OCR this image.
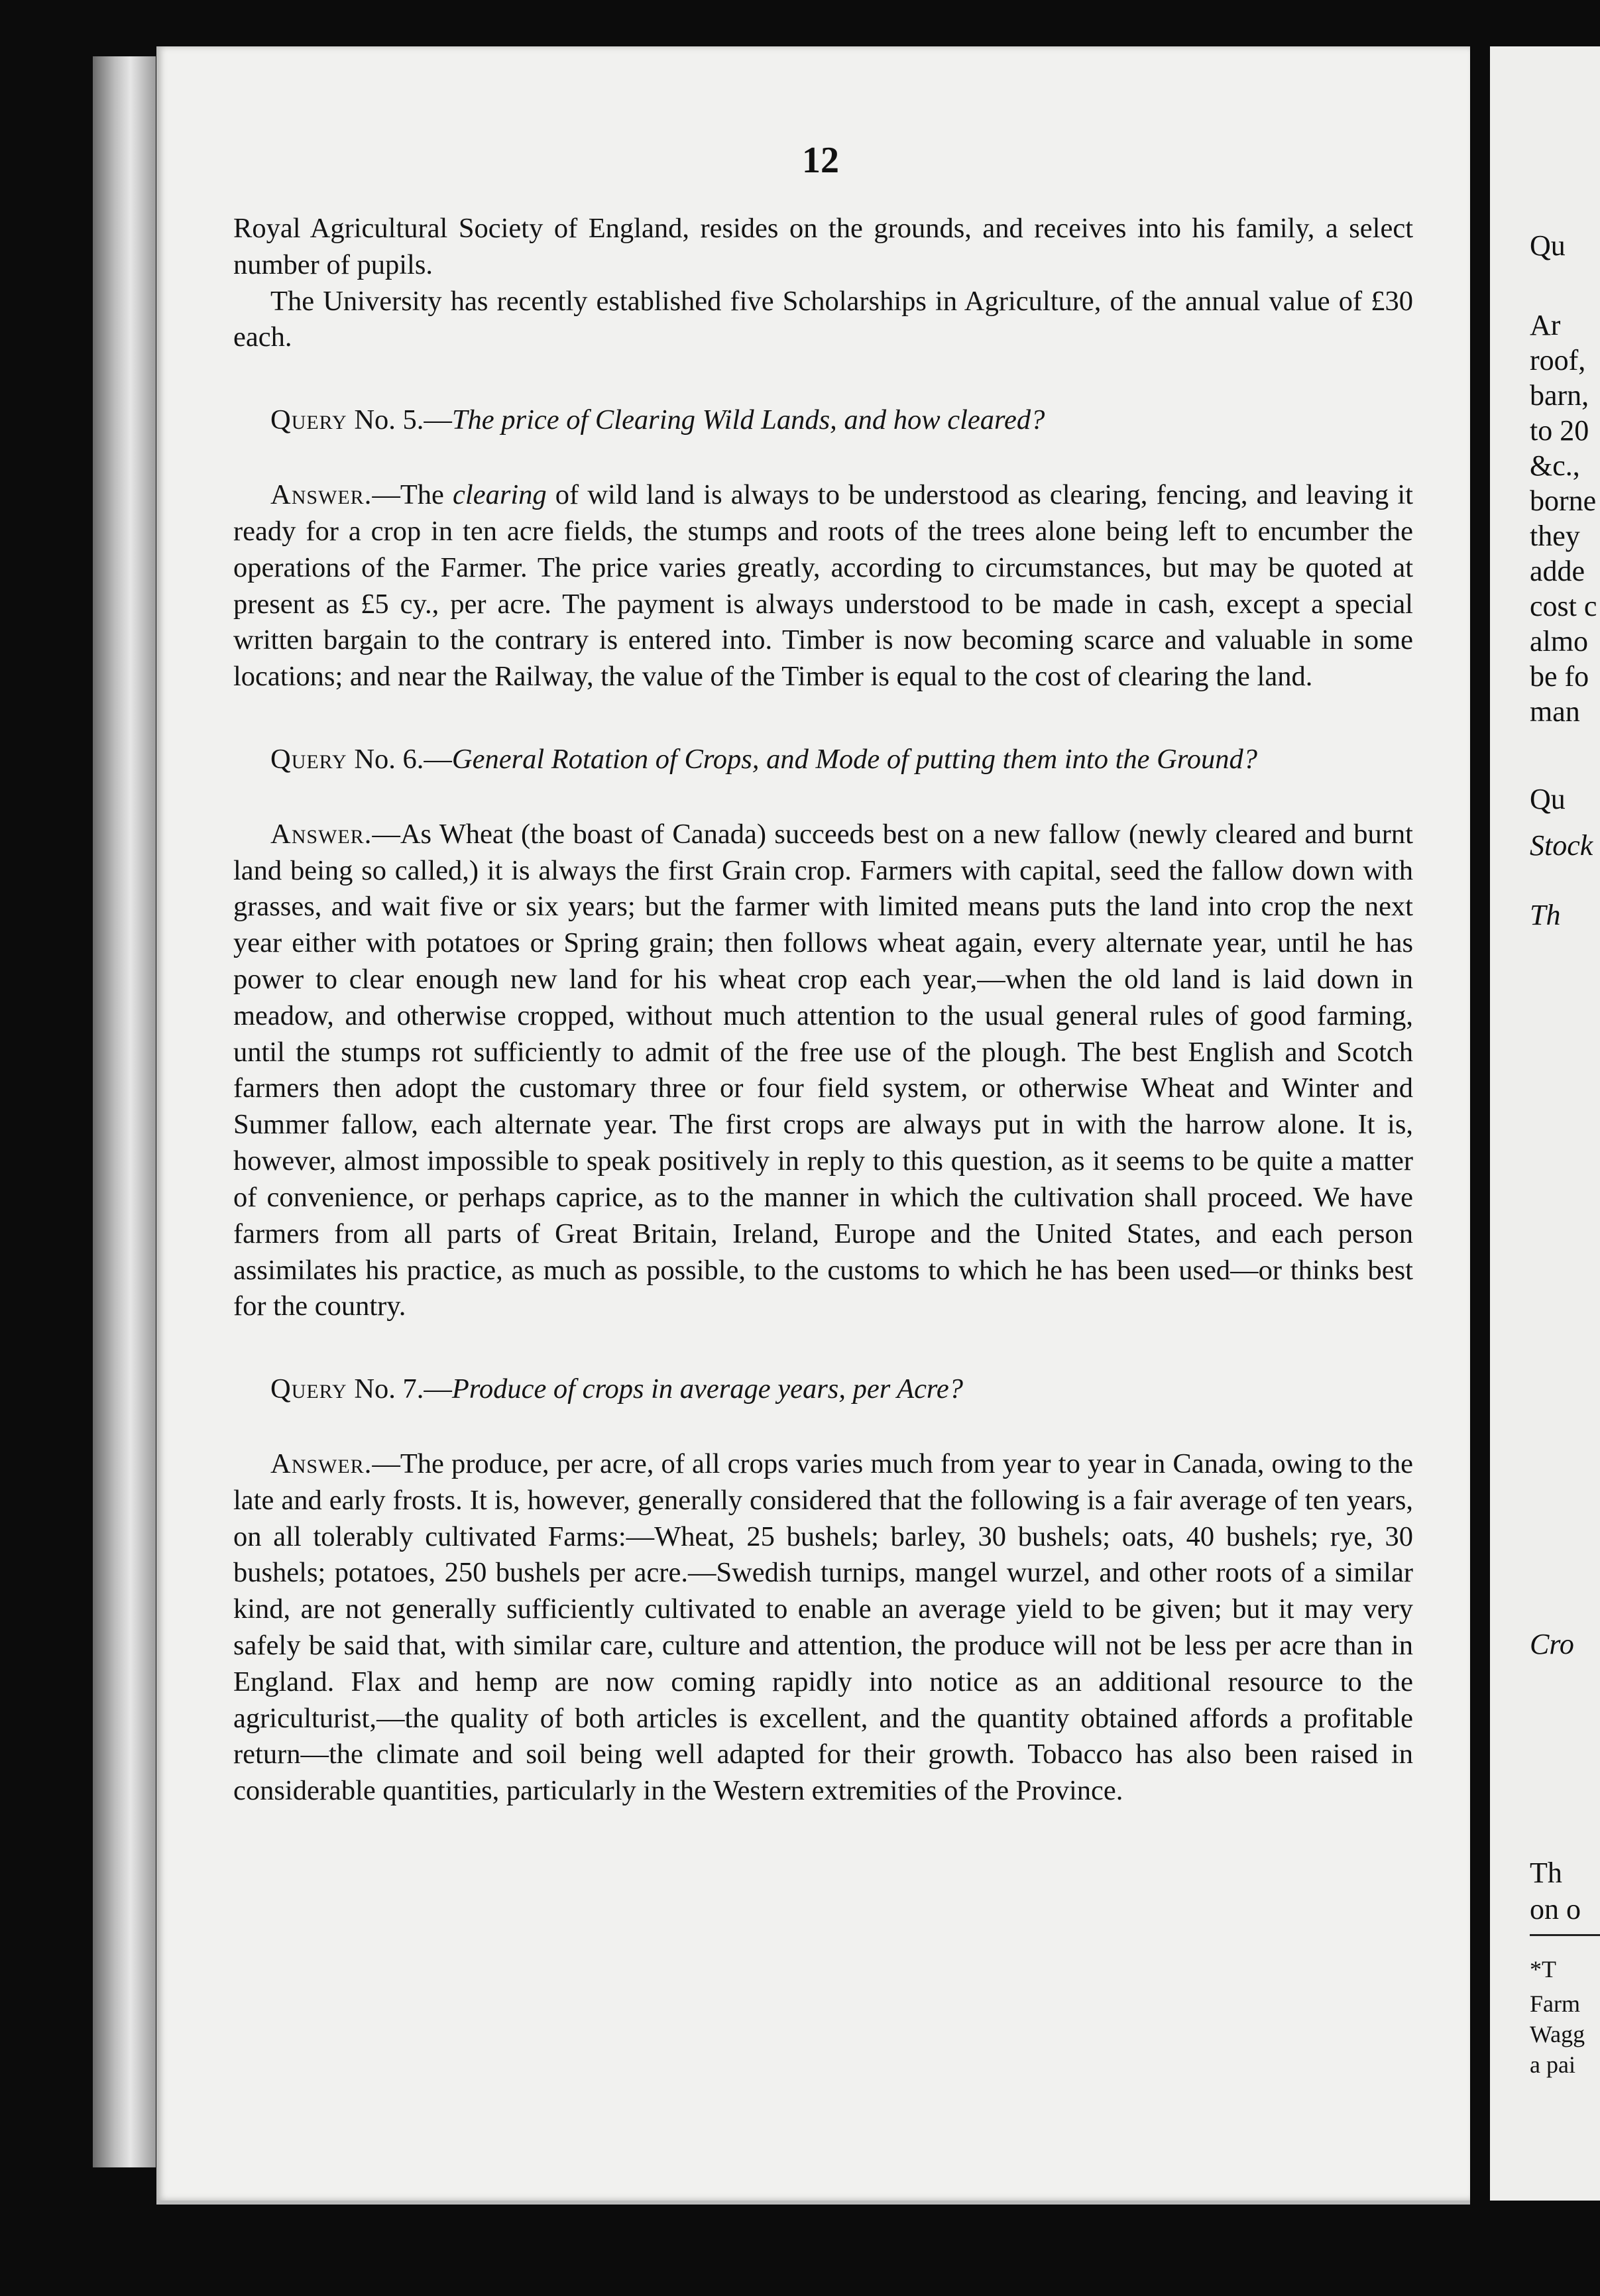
12

Royal Agricultural Society of England, resides on the grounds, and receives into his family, a select number of pupils.

The University has recently established five Scholarships in Agriculture, of the annual value of £30 each.

Query No. 5.—The price of Clearing Wild Lands, and how cleared?

Answer.—The clearing of wild land is always to be understood as clearing, fencing, and leaving it ready for a crop in ten acre fields, the stumps and roots of the trees alone being left to encumber the operations of the Farmer. The price varies greatly, according to circumstances, but may be quoted at present as £5 cy., per acre. The payment is always understood to be made in cash, except a special written bargain to the contrary is entered into. Timber is now becoming scarce and valuable in some locations; and near the Railway, the value of the Timber is equal to the cost of clearing the land.

Query No. 6.—General Rotation of Crops, and Mode of putting them into the Ground?

Answer.—As Wheat (the boast of Canada) succeeds best on a new fallow (newly cleared and burnt land being so called,) it is always the first Grain crop. Farmers with capital, seed the fallow down with grasses, and wait five or six years; but the farmer with limited means puts the land into crop the next year either with potatoes or Spring grain; then follows wheat again, every alternate year, until he has power to clear enough new land for his wheat crop each year,—when the old land is laid down in meadow, and otherwise cropped, without much attention to the usual general rules of good farming, until the stumps rot sufficiently to admit of the free use of the plough. The best English and Scotch farmers then adopt the customary three or four field system, or otherwise Wheat and Winter and Summer fallow, each alternate year. The first crops are always put in with the harrow alone. It is, however, almost impossible to speak positively in reply to this question, as it seems to be quite a matter of convenience, or perhaps caprice, as to the manner in which the cultivation shall proceed. We have farmers from all parts of Great Britain, Ireland, Europe and the United States, and each person assimilates his practice, as much as possible, to the customs to which he has been used—or thinks best for the country.

Query No. 7.—Produce of crops in average years, per Acre?

Answer.—The produce, per acre, of all crops varies much from year to year in Canada, owing to the late and early frosts. It is, however, generally considered that the following is a fair average of ten years, on all tolerably cultivated Farms:—Wheat, 25 bushels; barley, 30 bushels; oats, 40 bushels; rye, 30 bushels; potatoes, 250 bushels per acre.—Swedish turnips, mangel wurzel, and other roots of a similar kind, are not generally sufficiently cultivated to enable an average yield to be given; but it may very safely be said that, with similar care, culture and attention, the produce will not be less per acre than in England. Flax and hemp are now coming rapidly into notice as an additional resource to the agriculturist,—the quality of both articles is excellent, and the quantity obtained affords a profitable return—the climate and soil being well adapted for their growth. Tobacco has also been raised in considerable quantities, particularly in the Western extremities of the Province.

Qu
Ar
roof,
barn,
to 20
&c.,
borne
they
adde
cost c
almo
be fo
man
Qu
Stock
Th
Cro
Th
on o
*T
Farm
Wagg
a pai
